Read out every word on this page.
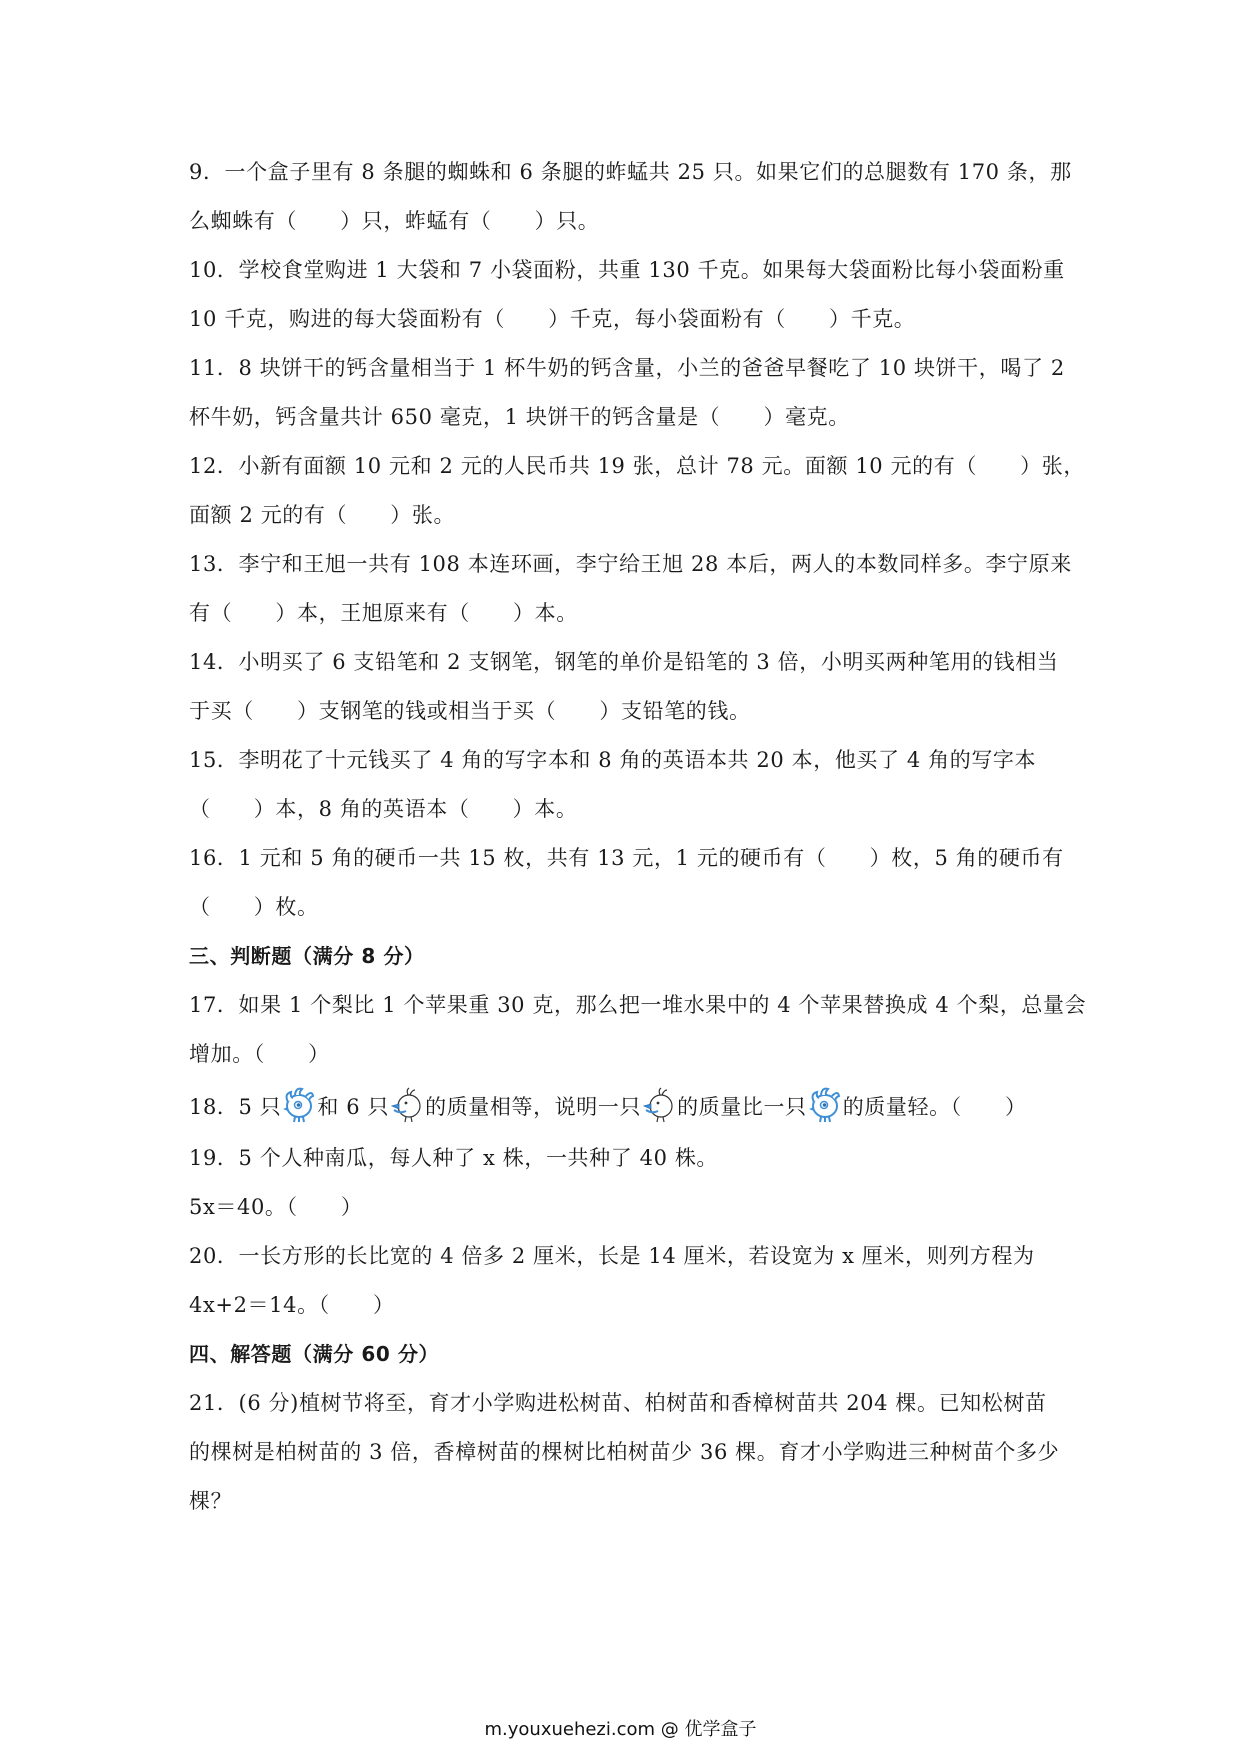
9．一个盒子里有 8 条腿的蜘蛛和 6 条腿的蚱蜢共 25 只。如果它们的总腿数有 170 条，那
么蜘蛛有（　　）只，蚱蜢有（　　）只。
10．学校食堂购进 1 大袋和 7 小袋面粉，共重 130 千克。如果每大袋面粉比每小袋面粉重
10 千克，购进的每大袋面粉有（　　）千克，每小袋面粉有（　　）千克。
11．8 块饼干的钙含量相当于 1 杯牛奶的钙含量，小兰的爸爸早餐吃了 10 块饼干，喝了 2
杯牛奶，钙含量共计 650 毫克，1 块饼干的钙含量是（　　）毫克。
12．小新有面额 10 元和 2 元的人民币共 19 张，总计 78 元。面额 10 元的有（　　）张，
面额 2 元的有（　　）张。
13．李宁和王旭一共有 108 本连环画，李宁给王旭 28 本后，两人的本数同样多。李宁原来
有（　　）本，王旭原来有（　　）本。
14．小明买了 6 支铅笔和 2 支钢笔，钢笔的单价是铅笔的 3 倍，小明买两种笔用的钱相当
于买（　　）支钢笔的钱或相当于买（　　）支铅笔的钱。
15．李明花了十元钱买了 4 角的写字本和 8 角的英语本共 20 本，他买了 4 角的写字本
（　　）本，8 角的英语本（　　）本。
16．1 元和 5 角的硬币一共 15 枚，共有 13 元，1 元的硬币有（　　）枚，5 角的硬币有
（　　）枚。
三、判断题（满分 8 分）
17．如果 1 个梨比 1 个苹果重 30 克，那么把一堆水果中的 4 个苹果替换成 4 个梨，总量会
增加。（　　）
18．5 只 和 6 只 的质量相等，说明一只 的质量比一只 的质量轻。（　　）
19．5 个人种南瓜，每人种了 x 株，一共种了 40 株。
5x＝40。（　　）
20．一长方形的长比宽的 4 倍多 2 厘米，长是 14 厘米，若设宽为 x 厘米，则列方程为
4x+2＝14。（　　）
四、解答题（满分 60 分）
21．(6 分)植树节将至，育才小学购进松树苗、柏树苗和香樟树苗共 204 棵。已知松树苗
的棵树是柏树苗的 3 倍，香樟树苗的棵树比柏树苗少 36 棵。育才小学购进三种树苗个多少
棵？
m.youxuehezi.com @ 优学盒子
